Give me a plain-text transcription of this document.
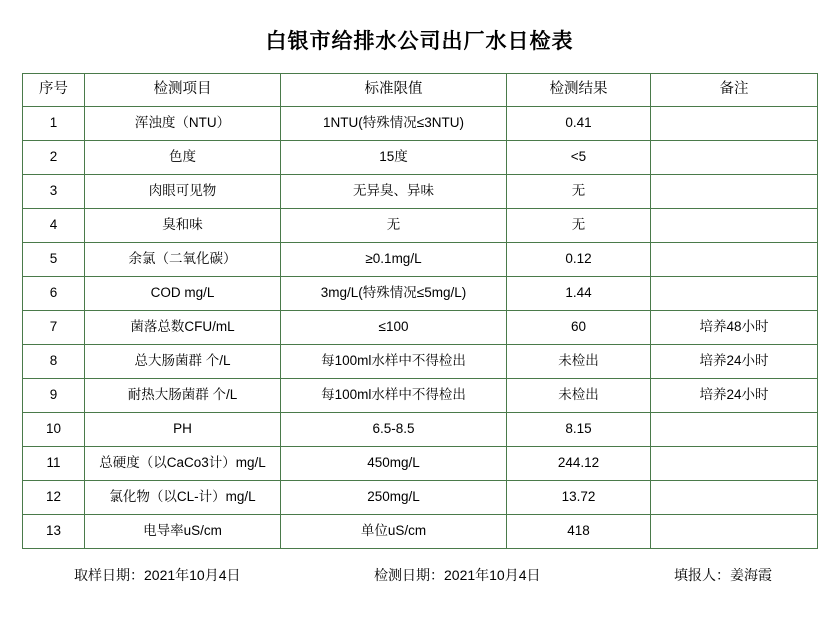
白银市给排水公司出厂水日检表
序号	检测项目	标准限值	检测结果	备注
1	浑浊度（NTU）	1NTU(特殊情况≤3NTU)	0.41	
2	色度	15度	<5	
3	肉眼可见物	无异臭、异味	无	
4	臭和味	无	无	
5	余氯（二氧化碳）	≥0.1mg/L	0.12	
6	COD mg/L	3mg/L(特殊情况≤5mg/L)	1.44	
7	菌落总数CFU/mL	≤100	60	培养48小时
8	总大肠菌群 个/L	每100ml水样中不得检出	未检出	培养24小时
9	耐热大肠菌群 个/L	每100ml水样中不得检出	未检出	培养24小时
10	PH	6.5-8.5	8.15	
11	总硬度（以CaCo3计）mg/L	450mg/L	244.12	
12	氯化物（以CL-计）mg/L	250mg/L	13.72	
13	电导率uS/cm	单位uS/cm	418	
取样日期：2021年10月4日	检测日期：2021年10月4日	填报人：姜海霞
